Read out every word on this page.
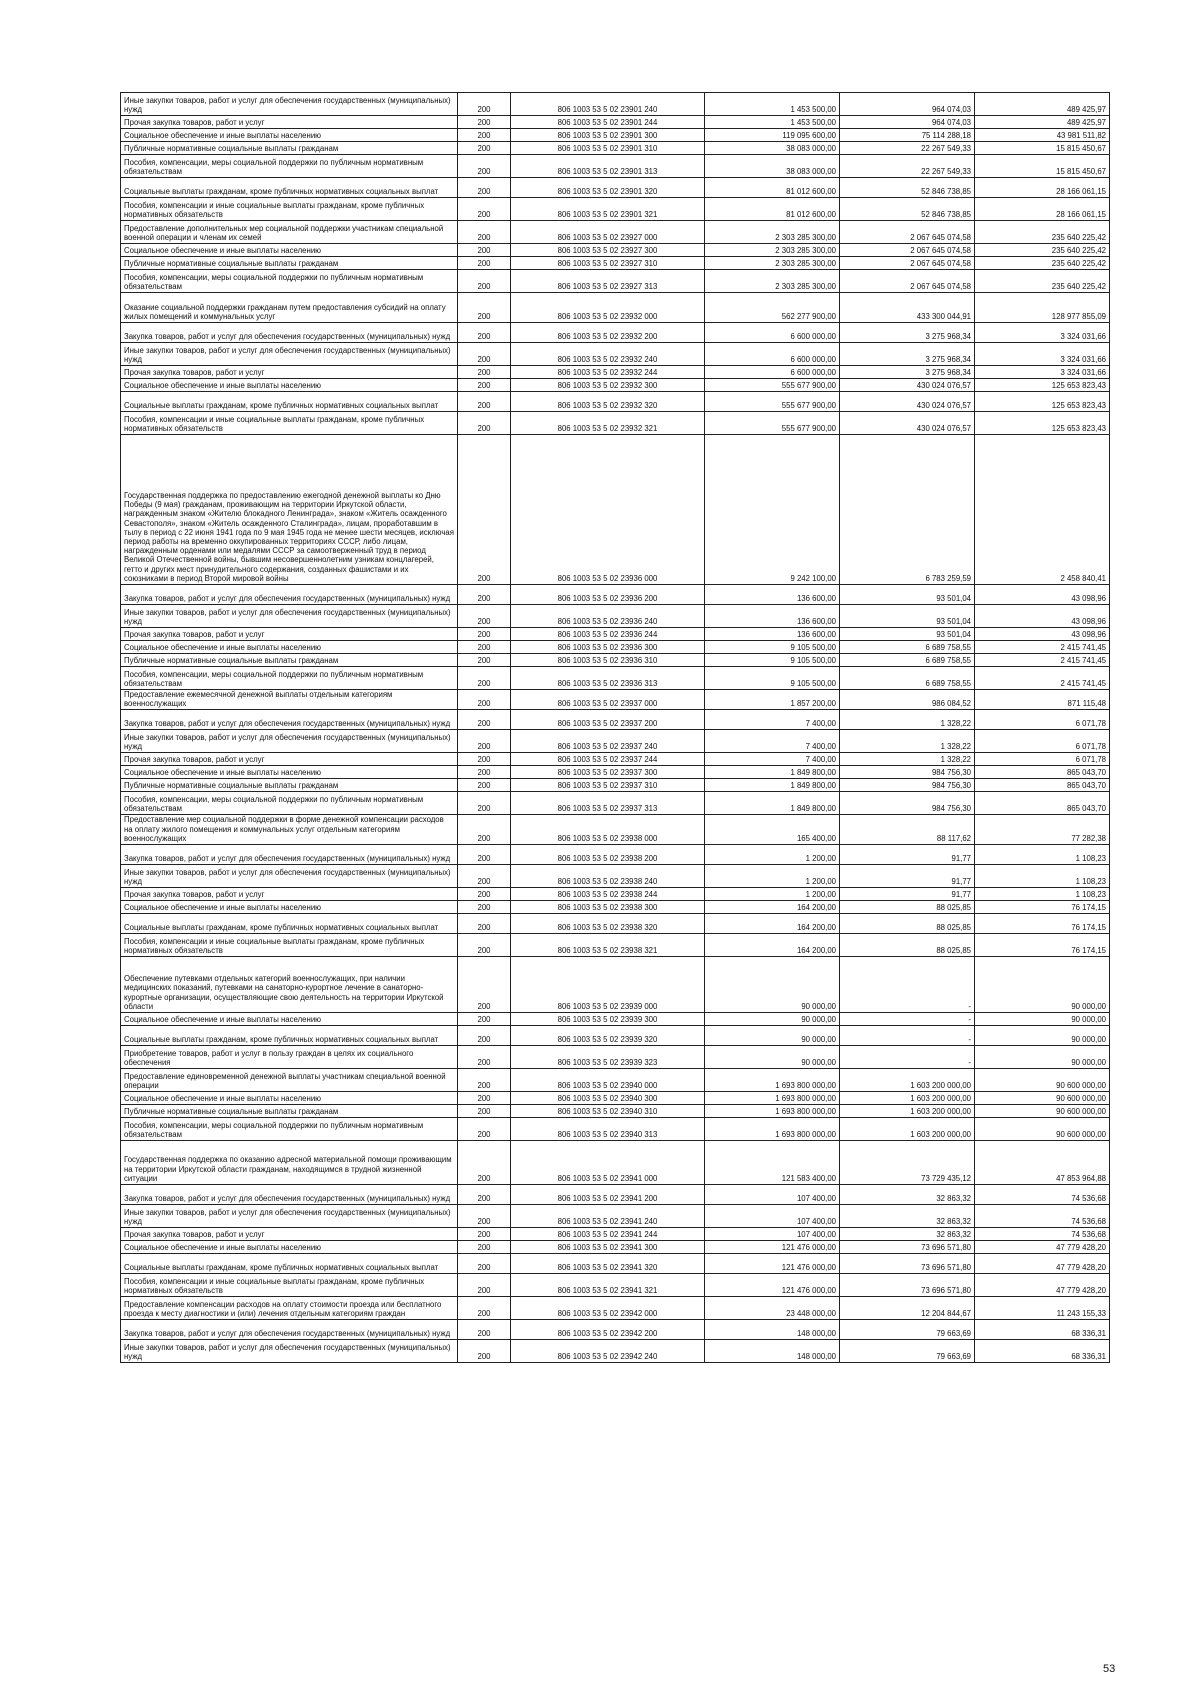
Иные закупки товаров, работ и услуг для обеспечения государственных (муниципальных) нужд	200	806 1003 53 5 02 23901 240	1 453 500,00	964 074,03	489 425,97
Прочая закупка товаров, работ и услуг	200	806 1003 53 5 02 23901 244	1 453 500,00	964 074,03	489 425,97
Социальное обеспечение и иные выплаты населению	200	806 1003 53 5 02 23901 300	119 095 600,00	75 114 288,18	43 981 511,82
Публичные нормативные социальные выплаты гражданам	200	806 1003 53 5 02 23901 310	38 083 000,00	22 267 549,33	15 815 450,67
Пособия, компенсации, меры социальной поддержки по публичным нормативным обязательствам	200	806 1003 53 5 02 23901 313	38 083 000,00	22 267 549,33	15 815 450,67
Социальные выплаты гражданам, кроме публичных нормативных социальных выплат	200	806 1003 53 5 02 23901 320	81 012 600,00	52 846 738,85	28 166 061,15
Пособия, компенсации и иные социальные выплаты гражданам, кроме публичных нормативных обязательств	200	806 1003 53 5 02 23901 321	81 012 600,00	52 846 738,85	28 166 061,15
Предоставление дополнительных мер социальной поддержки участникам специальной военной операции и членам их семей	200	806 1003 53 5 02 23927 000	2 303 285 300,00	2 067 645 074,58	235 640 225,42
Социальное обеспечение и иные выплаты населению	200	806 1003 53 5 02 23927 300	2 303 285 300,00	2 067 645 074,58	235 640 225,42
Публичные нормативные социальные выплаты гражданам	200	806 1003 53 5 02 23927 310	2 303 285 300,00	2 067 645 074,58	235 640 225,42
Пособия, компенсации, меры социальной поддержки по публичным нормативным обязательствам	200	806 1003 53 5 02 23927 313	2 303 285 300,00	2 067 645 074,58	235 640 225,42
Оказание социальной поддержки гражданам путем предоставления субсидий на оплату жилых помещений и коммунальных услуг	200	806 1003 53 5 02 23932 000	562 277 900,00	433 300 044,91	128 977 855,09
Закупка товаров, работ и услуг для обеспечения государственных (муниципальных) нужд	200	806 1003 53 5 02 23932 200	6 600 000,00	3 275 968,34	3 324 031,66
Иные закупки товаров, работ и услуг для обеспечения государственных (муниципальных) нужд	200	806 1003 53 5 02 23932 240	6 600 000,00	3 275 968,34	3 324 031,66
Прочая закупка товаров, работ и услуг	200	806 1003 53 5 02 23932 244	6 600 000,00	3 275 968,34	3 324 031,66
Социальное обеспечение и иные выплаты населению	200	806 1003 53 5 02 23932 300	555 677 900,00	430 024 076,57	125 653 823,43
Социальные выплаты гражданам, кроме публичных нормативных социальных выплат	200	806 1003 53 5 02 23932 320	555 677 900,00	430 024 076,57	125 653 823,43
Пособия, компенсации и иные социальные выплаты гражданам, кроме публичных нормативных обязательств	200	806 1003 53 5 02 23932 321	555 677 900,00	430 024 076,57	125 653 823,43
Государственная поддержка по предоставлению ежегодной денежной выплаты ко Дню Победы (9 мая) гражданам, проживающим на территории Иркутской области, награжденным знаком «Жителю блокадного Ленинграда», знаком «Житель осажденного Севастополя», знаком «Житель осажденного Сталинграда», лицам, проработавшим в тылу в период с 22 июня 1941 года по 9 мая 1945 года не менее шести месяцев, исключая период работы на временно оккупированных территориях СССР, либо лицам, награжденным орденами или медалями СССР за самоотверженный труд в период Великой Отечественной войны, бывшим несовершеннолетним узникам концлагерей, гетто и других мест принудительного содержания, созданных фашистами и их союзниками в период Второй мировой войны	200	806 1003 53 5 02 23936 000	9 242 100,00	6 783 259,59	2 458 840,41
Закупка товаров, работ и услуг для обеспечения государственных (муниципальных) нужд	200	806 1003 53 5 02 23936 200	136 600,00	93 501,04	43 098,96
Иные закупки товаров, работ и услуг для обеспечения государственных (муниципальных) нужд	200	806 1003 53 5 02 23936 240	136 600,00	93 501,04	43 098,96
Прочая закупка товаров, работ и услуг	200	806 1003 53 5 02 23936 244	136 600,00	93 501,04	43 098,96
Социальное обеспечение и иные выплаты населению	200	806 1003 53 5 02 23936 300	9 105 500,00	6 689 758,55	2 415 741,45
Публичные нормативные социальные выплаты гражданам	200	806 1003 53 5 02 23936 310	9 105 500,00	6 689 758,55	2 415 741,45
Пособия, компенсации, меры социальной поддержки по публичным нормативным обязательствам	200	806 1003 53 5 02 23936 313	9 105 500,00	6 689 758,55	2 415 741,45
Предоставление ежемесячной денежной выплаты отдельным категориям военнослужащих	200	806 1003 53 5 02 23937 000	1 857 200,00	986 084,52	871 115,48
Закупка товаров, работ и услуг для обеспечения государственных (муниципальных) нужд	200	806 1003 53 5 02 23937 200	7 400,00	1 328,22	6 071,78
Иные закупки товаров, работ и услуг для обеспечения государственных (муниципальных) нужд	200	806 1003 53 5 02 23937 240	7 400,00	1 328,22	6 071,78
Прочая закупка товаров, работ и услуг	200	806 1003 53 5 02 23937 244	7 400,00	1 328,22	6 071,78
Социальное обеспечение и иные выплаты населению	200	806 1003 53 5 02 23937 300	1 849 800,00	984 756,30	865 043,70
Публичные нормативные социальные выплаты гражданам	200	806 1003 53 5 02 23937 310	1 849 800,00	984 756,30	865 043,70
Пособия, компенсации, меры социальной поддержки по публичным нормативным обязательствам	200	806 1003 53 5 02 23937 313	1 849 800,00	984 756,30	865 043,70
Предоставление мер социальной поддержки в форме денежной компенсации расходов на оплату жилого помещения и коммунальных услуг отдельным категориям военнослужащих	200	806 1003 53 5 02 23938 000	165 400,00	88 117,62	77 282,38
Закупка товаров, работ и услуг для обеспечения государственных (муниципальных) нужд	200	806 1003 53 5 02 23938 200	1 200,00	91,77	1 108,23
Иные закупки товаров, работ и услуг для обеспечения государственных (муниципальных) нужд	200	806 1003 53 5 02 23938 240	1 200,00	91,77	1 108,23
Прочая закупка товаров, работ и услуг	200	806 1003 53 5 02 23938 244	1 200,00	91,77	1 108,23
Социальное обеспечение и иные выплаты населению	200	806 1003 53 5 02 23938 300	164 200,00	88 025,85	76 174,15
Социальные выплаты гражданам, кроме публичных нормативных социальных выплат	200	806 1003 53 5 02 23938 320	164 200,00	88 025,85	76 174,15
Пособия, компенсации и иные социальные выплаты гражданам, кроме публичных нормативных обязательств	200	806 1003 53 5 02 23938 321	164 200,00	88 025,85	76 174,15
Обеспечение путевками отдельных категорий военнослужащих, при наличии медицинских показаний, путевками на санаторно-курортное лечение в санаторно-курортные организации, осуществляющие свою деятельность на территории Иркутской области	200	806 1003 53 5 02 23939 000	90 000,00	-	90 000,00
Социальное обеспечение и иные выплаты населению	200	806 1003 53 5 02 23939 300	90 000,00	-	90 000,00
Социальные выплаты гражданам, кроме публичных нормативных социальных выплат	200	806 1003 53 5 02 23939 320	90 000,00	-	90 000,00
Приобретение товаров, работ и услуг в пользу граждан в целях их социального обеспечения	200	806 1003 53 5 02 23939 323	90 000,00	-	90 000,00
Предоставление единовременной денежной выплаты участникам специальной военной операции	200	806 1003 53 5 02 23940 000	1 693 800 000,00	1 603 200 000,00	90 600 000,00
Социальное обеспечение и иные выплаты населению	200	806 1003 53 5 02 23940 300	1 693 800 000,00	1 603 200 000,00	90 600 000,00
Публичные нормативные социальные выплаты гражданам	200	806 1003 53 5 02 23940 310	1 693 800 000,00	1 603 200 000,00	90 600 000,00
Пособия, компенсации, меры социальной поддержки по публичным нормативным обязательствам	200	806 1003 53 5 02 23940 313	1 693 800 000,00	1 603 200 000,00	90 600 000,00
Государственная поддержка по оказанию адресной материальной помощи проживающим на территории Иркутской области гражданам, находящимся в трудной жизненной ситуации	200	806 1003 53 5 02 23941 000	121 583 400,00	73 729 435,12	47 853 964,88
Закупка товаров, работ и услуг для обеспечения государственных (муниципальных) нужд	200	806 1003 53 5 02 23941 200	107 400,00	32 863,32	74 536,68
Иные закупки товаров, работ и услуг для обеспечения государственных (муниципальных) нужд	200	806 1003 53 5 02 23941 240	107 400,00	32 863,32	74 536,68
Прочая закупка товаров, работ и услуг	200	806 1003 53 5 02 23941 244	107 400,00	32 863,32	74 536,68
Социальное обеспечение и иные выплаты населению	200	806 1003 53 5 02 23941 300	121 476 000,00	73 696 571,80	47 779 428,20
Социальные выплаты гражданам, кроме публичных нормативных социальных выплат	200	806 1003 53 5 02 23941 320	121 476 000,00	73 696 571,80	47 779 428,20
Пособия, компенсации и иные социальные выплаты гражданам, кроме публичных нормативных обязательств	200	806 1003 53 5 02 23941 321	121 476 000,00	73 696 571,80	47 779 428,20
Предоставление компенсации расходов на оплату стоимости проезда или бесплатного проезда к месту диагностики и (или) лечения отдельным категориям граждан	200	806 1003 53 5 02 23942 000	23 448 000,00	12 204 844,67	11 243 155,33
Закупка товаров, работ и услуг для обеспечения государственных (муниципальных) нужд	200	806 1003 53 5 02 23942 200	148 000,00	79 663,69	68 336,31
Иные закупки товаров, работ и услуг для обеспечения государственных (муниципальных) нужд	200	806 1003 53 5 02 23942 240	148 000,00	79 663,69	68 336,31
53
